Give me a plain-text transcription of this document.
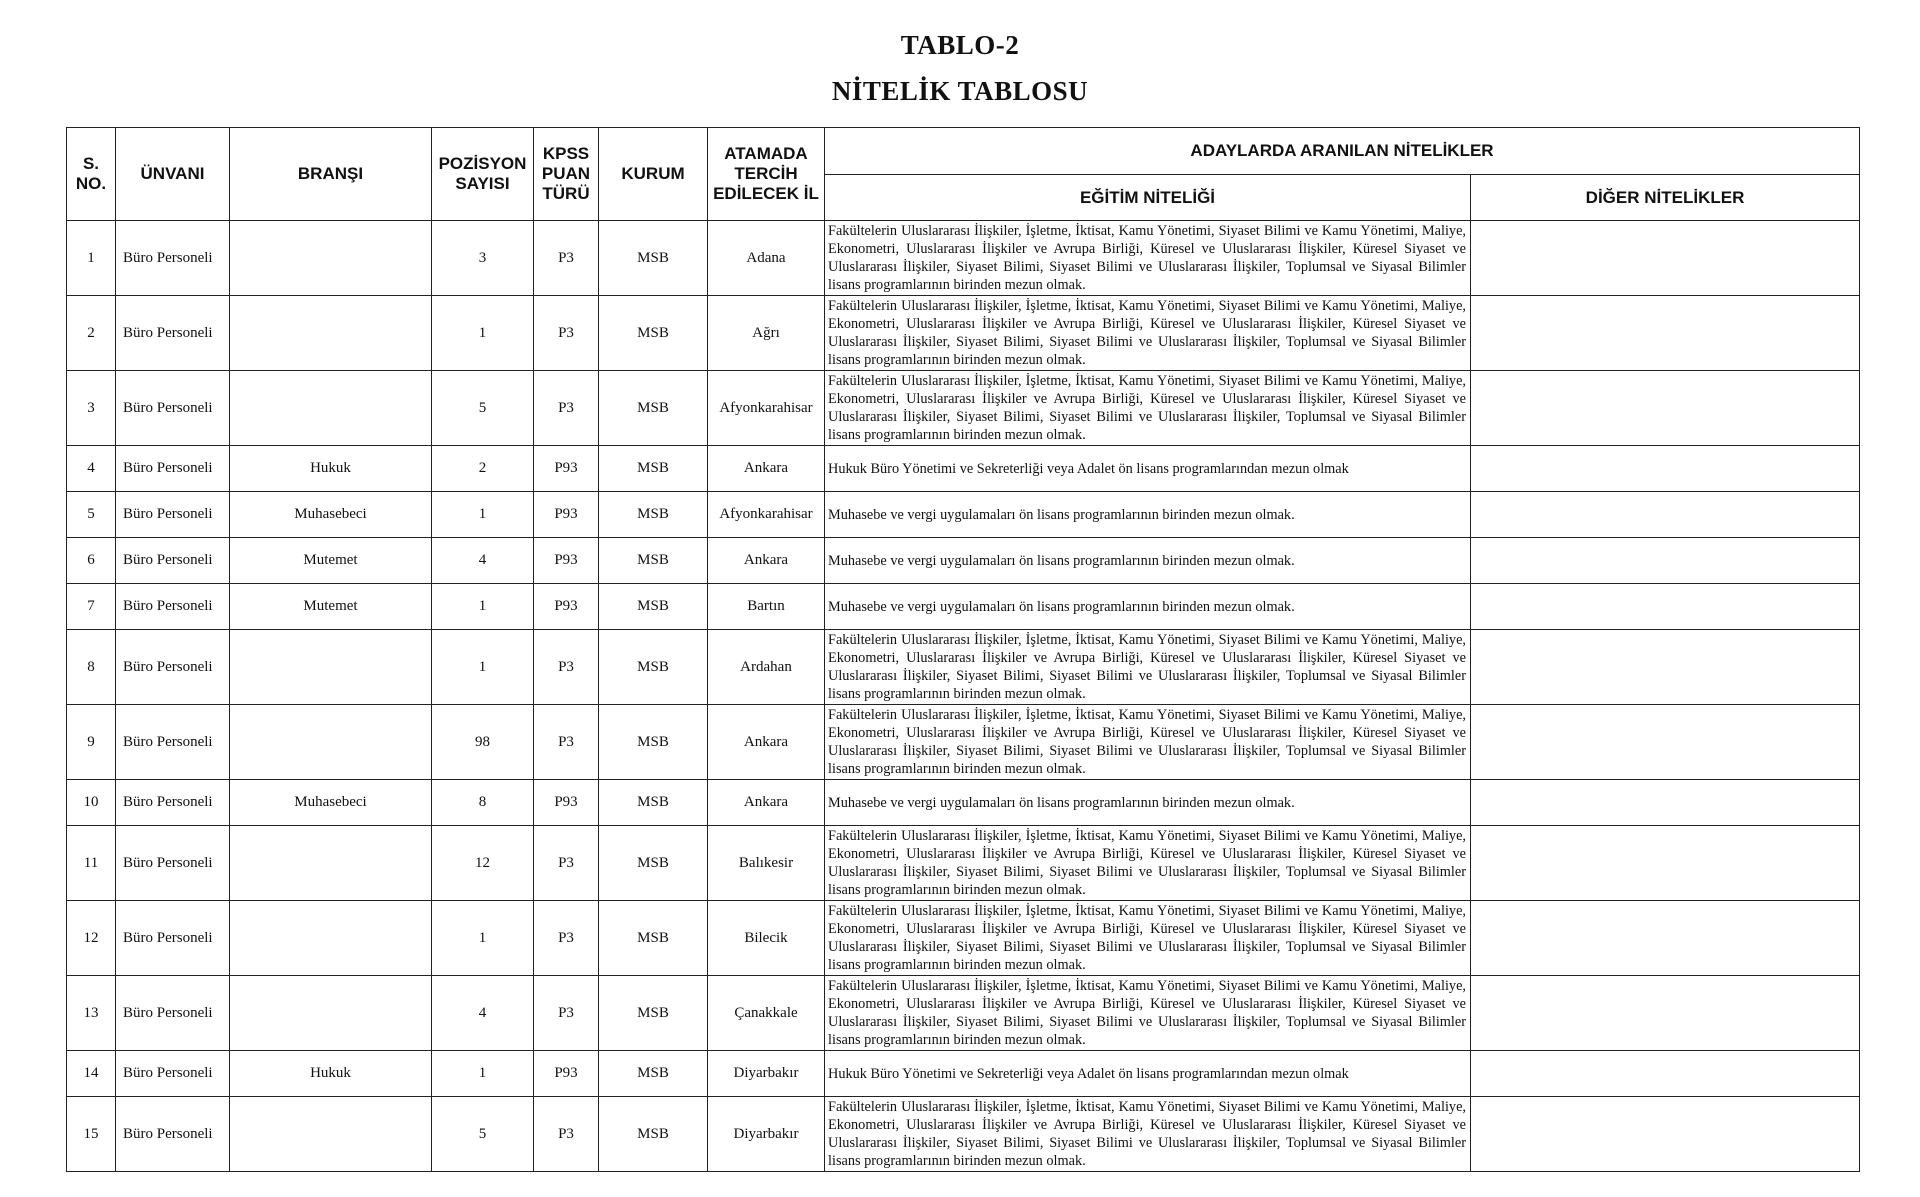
TABLO-2
NİTELİK TABLOSU
S. NO.	ÜNVANI	BRANŞI	POZİSYON SAYISI	KPSS PUAN TÜRÜ	KURUM	ATAMADA TERCİH EDİLECEK İL	ADAYLARDA ARANILAN NİTELİKLER	
							EĞİTİM NİTELİĞİ	DİĞER NİTELİKLER
1	Büro Personeli		3	P3	MSB	Adana	Fakültelerin Uluslararası İlişkiler, İşletme, İktisat, Kamu Yönetimi, Siyaset Bilimi ve Kamu Yönetimi, Maliye, Ekonometri, Uluslararası İlişkiler ve Avrupa Birliği, Küresel ve Uluslararası İlişkiler, Küresel Siyaset ve Uluslararası İlişkiler, Siyaset Bilimi, Siyaset Bilimi ve Uluslararası İlişkiler, Toplumsal ve Siyasal Bilimler lisans programlarının birinden mezun olmak.	
2	Büro Personeli		1	P3	MSB	Ağrı	Fakültelerin Uluslararası İlişkiler, İşletme, İktisat, Kamu Yönetimi, Siyaset Bilimi ve Kamu Yönetimi, Maliye, Ekonometri, Uluslararası İlişkiler ve Avrupa Birliği, Küresel ve Uluslararası İlişkiler, Küresel Siyaset ve Uluslararası İlişkiler, Siyaset Bilimi, Siyaset Bilimi ve Uluslararası İlişkiler, Toplumsal ve Siyasal Bilimler lisans programlarının birinden mezun olmak.	
3	Büro Personeli		5	P3	MSB	Afyonkarahisar	Fakültelerin Uluslararası İlişkiler, İşletme, İktisat, Kamu Yönetimi, Siyaset Bilimi ve Kamu Yönetimi, Maliye, Ekonometri, Uluslararası İlişkiler ve Avrupa Birliği, Küresel ve Uluslararası İlişkiler, Küresel Siyaset ve Uluslararası İlişkiler, Siyaset Bilimi, Siyaset Bilimi ve Uluslararası İlişkiler, Toplumsal ve Siyasal Bilimler lisans programlarının birinden mezun olmak.	
4	Büro Personeli	Hukuk	2	P93	MSB	Ankara	Hukuk Büro Yönetimi ve Sekreterliği veya Adalet ön lisans programlarından mezun olmak	
5	Büro Personeli	Muhasebeci	1	P93	MSB	Afyonkarahisar	Muhasebe ve vergi uygulamaları ön lisans programlarının birinden mezun olmak.	
6	Büro Personeli	Mutemet	4	P93	MSB	Ankara	Muhasebe ve vergi uygulamaları ön lisans programlarının birinden mezun olmak.	
7	Büro Personeli	Mutemet	1	P93	MSB	Bartın	Muhasebe ve vergi uygulamaları ön lisans programlarının birinden mezun olmak.	
8	Büro Personeli		1	P3	MSB	Ardahan	Fakültelerin Uluslararası İlişkiler, İşletme, İktisat, Kamu Yönetimi, Siyaset Bilimi ve Kamu Yönetimi, Maliye, Ekonometri, Uluslararası İlişkiler ve Avrupa Birliği, Küresel ve Uluslararası İlişkiler, Küresel Siyaset ve Uluslararası İlişkiler, Siyaset Bilimi, Siyaset Bilimi ve Uluslararası İlişkiler, Toplumsal ve Siyasal Bilimler lisans programlarının birinden mezun olmak.	
9	Büro Personeli		98	P3	MSB	Ankara	Fakültelerin Uluslararası İlişkiler, İşletme, İktisat, Kamu Yönetimi, Siyaset Bilimi ve Kamu Yönetimi, Maliye, Ekonometri, Uluslararası İlişkiler ve Avrupa Birliği, Küresel ve Uluslararası İlişkiler, Küresel Siyaset ve Uluslararası İlişkiler, Siyaset Bilimi, Siyaset Bilimi ve Uluslararası İlişkiler, Toplumsal ve Siyasal Bilimler lisans programlarının birinden mezun olmak.	
10	Büro Personeli	Muhasebeci	8	P93	MSB	Ankara	Muhasebe ve vergi uygulamaları ön lisans programlarının birinden mezun olmak.	
11	Büro Personeli		12	P3	MSB	Balıkesir	Fakültelerin Uluslararası İlişkiler, İşletme, İktisat, Kamu Yönetimi, Siyaset Bilimi ve Kamu Yönetimi, Maliye, Ekonometri, Uluslararası İlişkiler ve Avrupa Birliği, Küresel ve Uluslararası İlişkiler, Küresel Siyaset ve Uluslararası İlişkiler, Siyaset Bilimi, Siyaset Bilimi ve Uluslararası İlişkiler, Toplumsal ve Siyasal Bilimler lisans programlarının birinden mezun olmak.	
12	Büro Personeli		1	P3	MSB	Bilecik	Fakültelerin Uluslararası İlişkiler, İşletme, İktisat, Kamu Yönetimi, Siyaset Bilimi ve Kamu Yönetimi, Maliye, Ekonometri, Uluslararası İlişkiler ve Avrupa Birliği, Küresel ve Uluslararası İlişkiler, Küresel Siyaset ve Uluslararası İlişkiler, Siyaset Bilimi, Siyaset Bilimi ve Uluslararası İlişkiler, Toplumsal ve Siyasal Bilimler lisans programlarının birinden mezun olmak.	
13	Büro Personeli		4	P3	MSB	Çanakkale	Fakültelerin Uluslararası İlişkiler, İşletme, İktisat, Kamu Yönetimi, Siyaset Bilimi ve Kamu Yönetimi, Maliye, Ekonometri, Uluslararası İlişkiler ve Avrupa Birliği, Küresel ve Uluslararası İlişkiler, Küresel Siyaset ve Uluslararası İlişkiler, Siyaset Bilimi, Siyaset Bilimi ve Uluslararası İlişkiler, Toplumsal ve Siyasal Bilimler lisans programlarının birinden mezun olmak.	
14	Büro Personeli	Hukuk	1	P93	MSB	Diyarbakır	Hukuk Büro Yönetimi ve Sekreterliği veya Adalet ön lisans programlarından mezun olmak	
15	Büro Personeli		5	P3	MSB	Diyarbakır	Fakültelerin Uluslararası İlişkiler, İşletme, İktisat, Kamu Yönetimi, Siyaset Bilimi ve Kamu Yönetimi, Maliye, Ekonometri, Uluslararası İlişkiler ve Avrupa Birliği, Küresel ve Uluslararası İlişkiler, Küresel Siyaset ve Uluslararası İlişkiler, Siyaset Bilimi, Siyaset Bilimi ve Uluslararası İlişkiler, Toplumsal ve Siyasal Bilimler lisans programlarının birinden mezun olmak.	
